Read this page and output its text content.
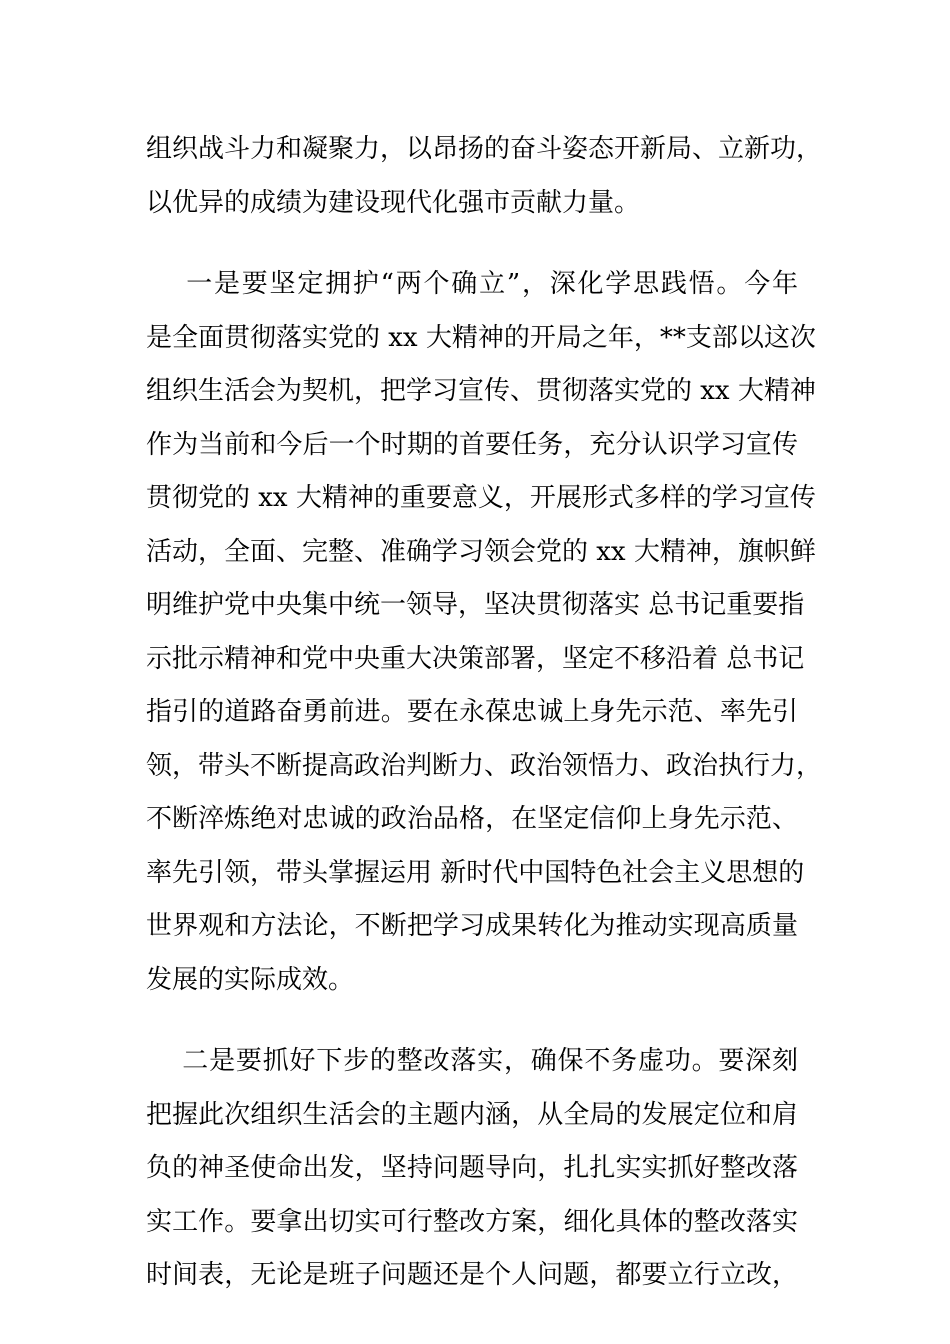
组织战斗力和凝聚力，以昂扬的奋斗姿态开新局、立新功，
以优异的成绩为建设现代化强市贡献力量。
一是要坚定拥护“两个确立”，深化学思践悟。今年
是全面贯彻落实党的 xx 大精神的开局之年，**支部以这次
组织生活会为契机，把学习宣传、贯彻落实党的 xx 大精神
作为当前和今后一个时期的首要任务，充分认识学习宣传
贯彻党的 xx 大精神的重要意义，开展形式多样的学习宣传
活动，全面、完整、准确学习领会党的 xx 大精神，旗帜鲜
明维护党中央集中统一领导，坚决贯彻落实 总书记重要指
示批示精神和党中央重大决策部署，坚定不移沿着 总书记
指引的道路奋勇前进。要在永葆忠诚上身先示范、率先引
领，带头不断提高政治判断力、政治领悟力、政治执行力，
不断淬炼绝对忠诚的政治品格，在坚定信仰上身先示范、
率先引领，带头掌握运用 新时代中国特色社会主义思想的
世界观和方法论，不断把学习成果转化为推动实现高质量
发展的实际成效。
二是要抓好下步的整改落实，确保不务虚功。要深刻
把握此次组织生活会的主题内涵，从全局的发展定位和肩
负的神圣使命出发，坚持问题导向，扎扎实实抓好整改落
实工作。要拿出切实可行整改方案，细化具体的整改落实
时间表，无论是班子问题还是个人问题，都要立行立改，
